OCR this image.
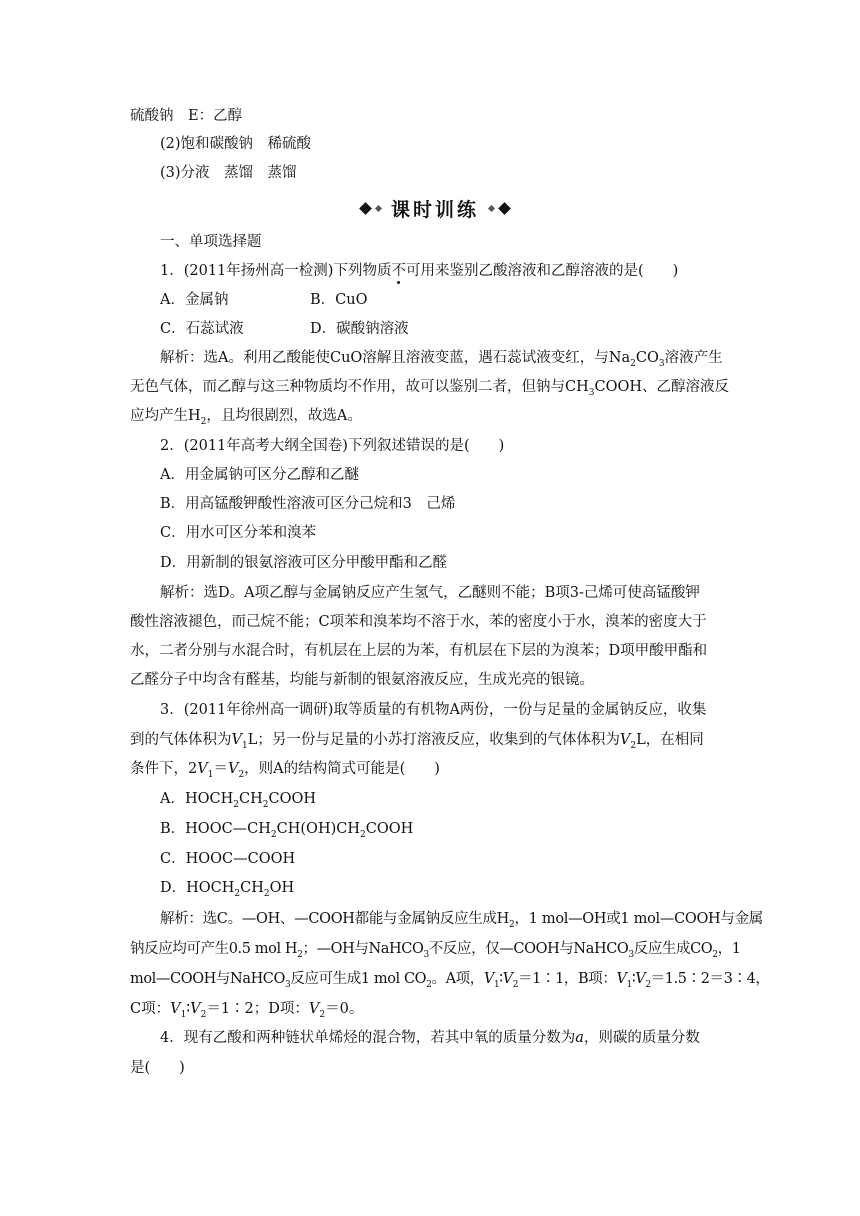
硫酸钠　E：乙醇
(2)饱和碳酸钠　稀硫酸
(3)分液　蒸馏　蒸馏
课时训练
一、单项选择题
1．(2011年扬州高一检测)下列物质不
可用来鉴别乙酸溶液和乙醇溶液的是(　　)
A．金属钠	B．CuO
C．石蕊试液	D．碳酸钠溶液
解析：选A。利用乙酸能使CuO溶解且溶液变蓝，遇石蕊试液变红，与$Na_2CO_3$溶液产生
无色气体，而乙醇与这三种物质均不作用，故可以鉴别二者，但钠与$CH_3COOH$、乙醇溶液反
应均产生$H_2$，且均很剧烈，故选A。
2．(2011年高考大纲全国卷)下列叙述错误的是(　　)
A．用金属钠可区分乙醇和乙醚
B．用高锰酸钾酸性溶液可区分己烷和3　己烯
C．用水可区分苯和溴苯
D．用新制的银氨溶液可区分甲酸甲酯和乙醛
解析：选D。A项乙醇与金属钠反应产生氢气，乙醚则不能；B项3-己烯可使高锰酸钾
酸性溶液褪色，而己烷不能；C项苯和溴苯均不溶于水，苯的密度小于水，溴苯的密度大于
水，二者分别与水混合时，有机层在上层的为苯，有机层在下层的为溴苯；D项甲酸甲酯和
乙醛分子中均含有醛基，均能与新制的银氨溶液反应，生成光亮的银镜。
3．(2011年徐州高一调研)取等质量的有机物A两份，一份与足量的金属钠反应，收集
到的气体体积为$V_1L$；另一份与足量的小苏打溶液反应，收集到的气体体积为$V_2L$，在相同
条件下，$2V_1=V_2$，则A的结构简式可能是(　　)
A．$HOCH_2CH_2COOH$
B．$HOOC—CH_2CH(OH)CH_2COOH$
C．HOOC—COOH
D．$HOCH_2CH_2OH$
解析：选C。—OH、—COOH都能与金属钠反应生成$H_2$，1 mol—OH或1 mol—COOH与金属
钠反应均可产生0.5 mol $H_2$；—OH与NaHCO$_3$不反应，仅—COOH与NaHCO$_3$反应生成$CO_2$，1
mol—COOH与NaHCO$_3$反应可生成1 mol $CO_2$。A项，$V_1∶V_2=1∶1$，B项：$V_1∶V_2=1.5∶2=3∶4$，
C项：$V_1∶V_2=1∶2$；D项：$V_2=0$。
4．现有乙酸和两种链状单烯烃的混合物，若其中氧的质量分数为a，则碳的质量分数
是(　　)
